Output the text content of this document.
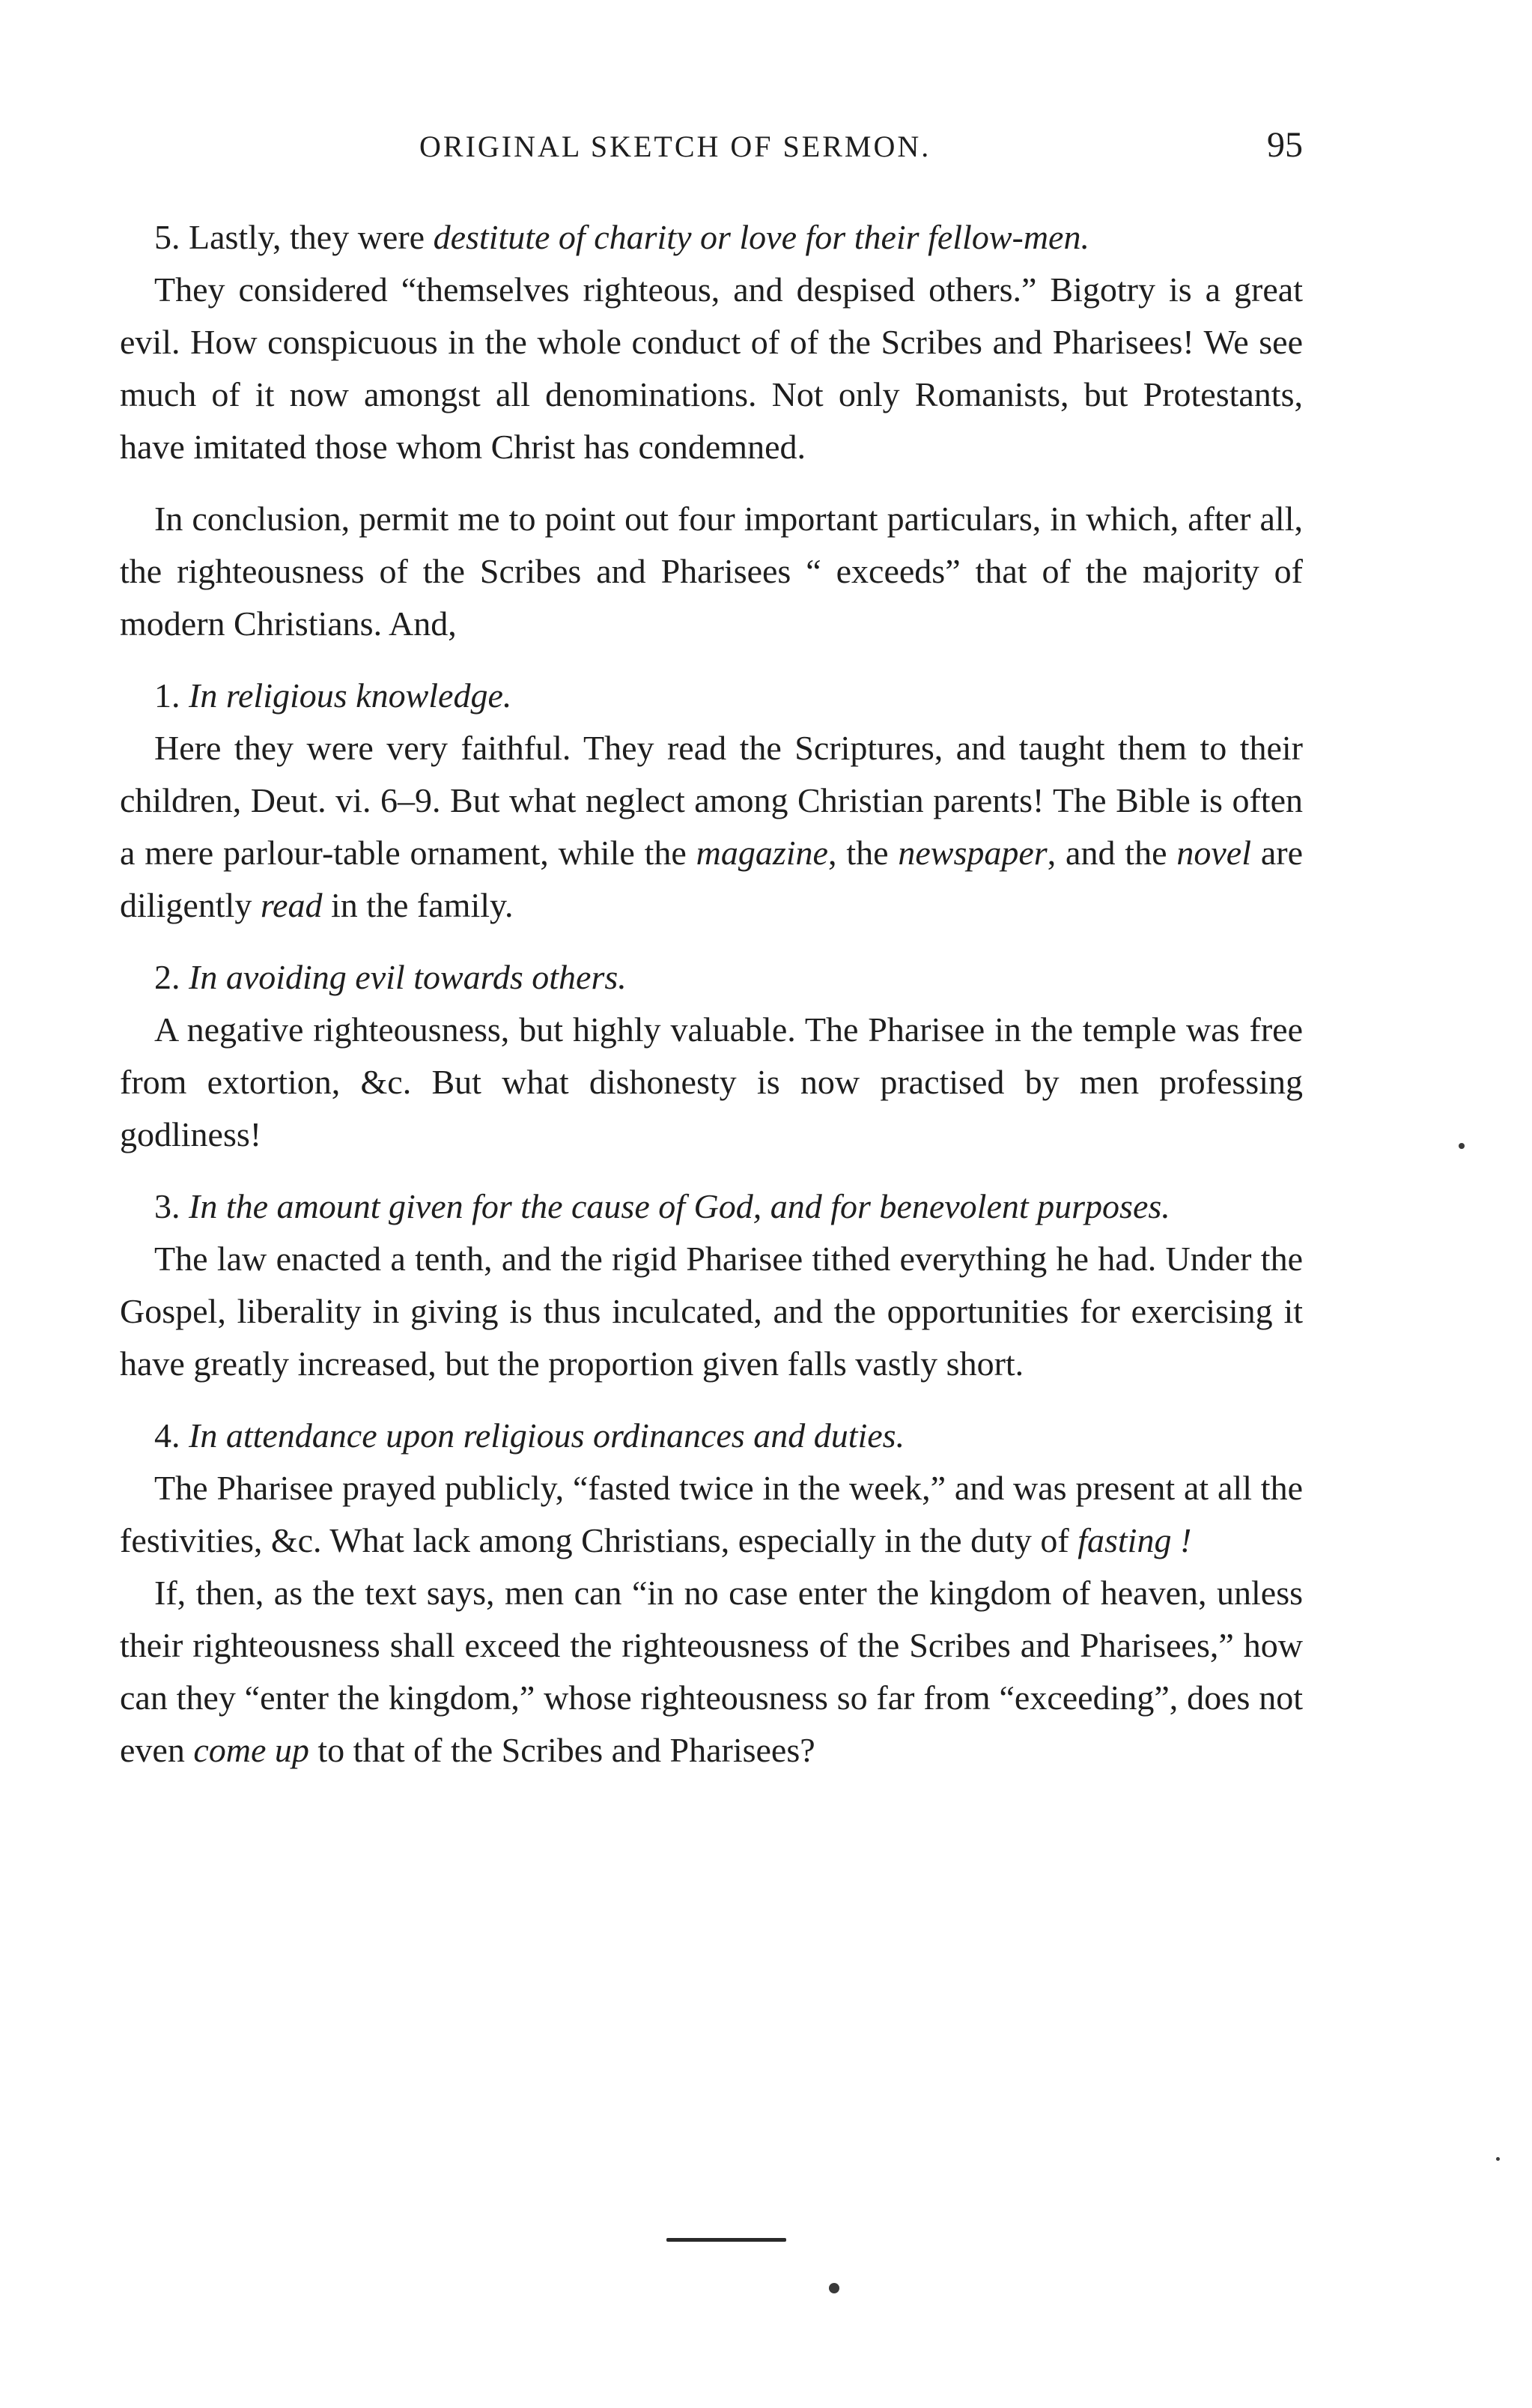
ORIGINAL SKETCH OF SERMON.	95

5. Lastly, they were destitute of charity or love for their fellow-men.

They considered “themselves righteous, and despised others.” Bigotry is a great evil. How conspicuous in the whole conduct of of the Scribes and Pharisees! We see much of it now amongst all denominations. Not only Romanists, but Protestants, have imitated those whom Christ has condemned.

In conclusion, permit me to point out four important particulars, in which, after all, the righteousness of the Scribes and Pharisees “ exceeds” that of the majority of modern Christians. And,

1. In religious knowledge.

Here they were very faithful. They read the Scriptures, and taught them to their children, Deut. vi. 6–9. But what neglect among Christian parents! The Bible is often a mere parlour-table ornament, while the magazine, the newspaper, and the novel are diligently read in the family.

2. In avoiding evil towards others.

A negative righteousness, but highly valuable. The Pharisee in the temple was free from extortion, &c. But what dishonesty is now practised by men professing godliness!

3. In the amount given for the cause of God, and for benevolent purposes.

The law enacted a tenth, and the rigid Pharisee tithed everything he had. Under the Gospel, liberality in giving is thus inculcated, and the opportunities for exercising it have greatly increased, but the proportion given falls vastly short.

4. In attendance upon religious ordinances and duties.

The Pharisee prayed publicly, “fasted twice in the week,” and was present at all the festivities, &c. What lack among Christians, especially in the duty of fasting !

If, then, as the text says, men can “in no case enter the kingdom of heaven, unless their righteousness shall exceed the righteousness of the Scribes and Pharisees,” how can they “enter the kingdom,” whose righteousness so far from “exceeding”, does not even come up to that of the Scribes and Pharisees?
